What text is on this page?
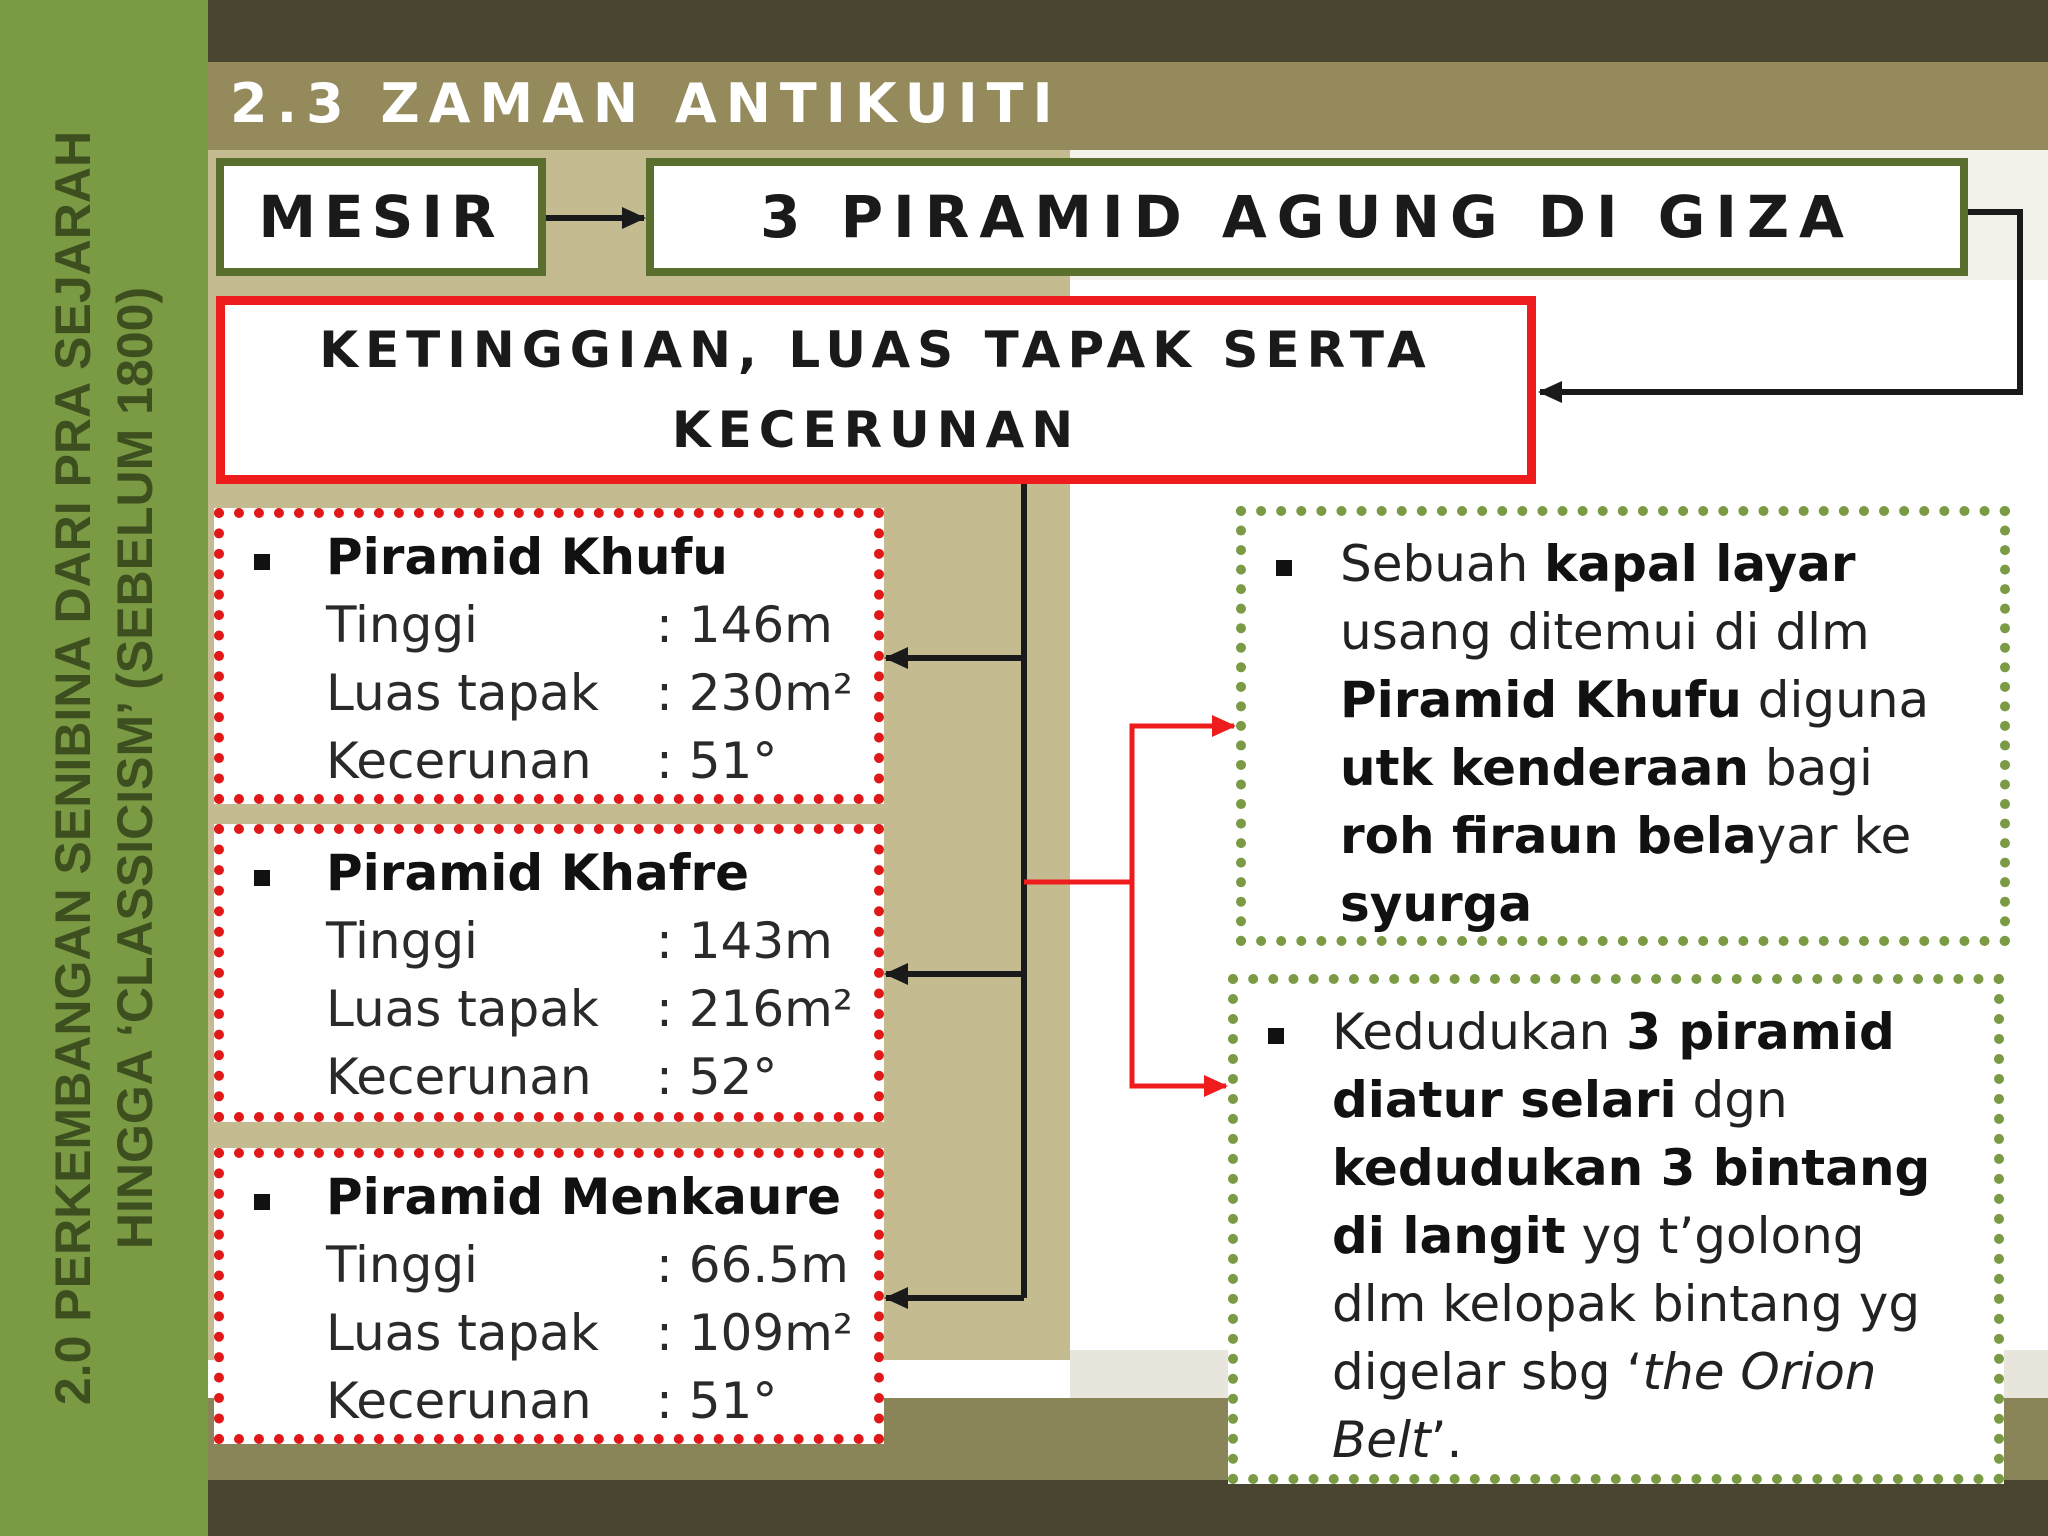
2.0 PERKEMBANGAN SENIBINA DARI PRA SEJARAH HINGGA ‘CLASSICISM’ (SEBELUM 1800)
2.3 ZAMAN ANTIKUITI
MESIR	3 PIRAMID AGUNG DI GIZA
KETINGGIAN, LUAS TAPAK SERTA
KECERUNAN
Piramid Khufu
Tinggi	: 146m
Luas tapak : 230m²
Kecerunan : 51°
Piramid Khafre
Tinggi	: 143m
Luas tapak : 216m²
Kecerunan : 52°
Piramid Menkaure
Tinggi	: 66.5m
Luas tapak : 109m²
Kecerunan : 51°
Sebuah kapal layar usang ditemui di dlm Piramid Khufu diguna utk kenderaan bagi roh firaun belayar ke syurga
Kedudukan 3 piramid diatur selari dgn kedudukan 3 bintang di langit yg t’golong dlm kelopak bintang yg digelar sbg ‘the Orion Belt’.
